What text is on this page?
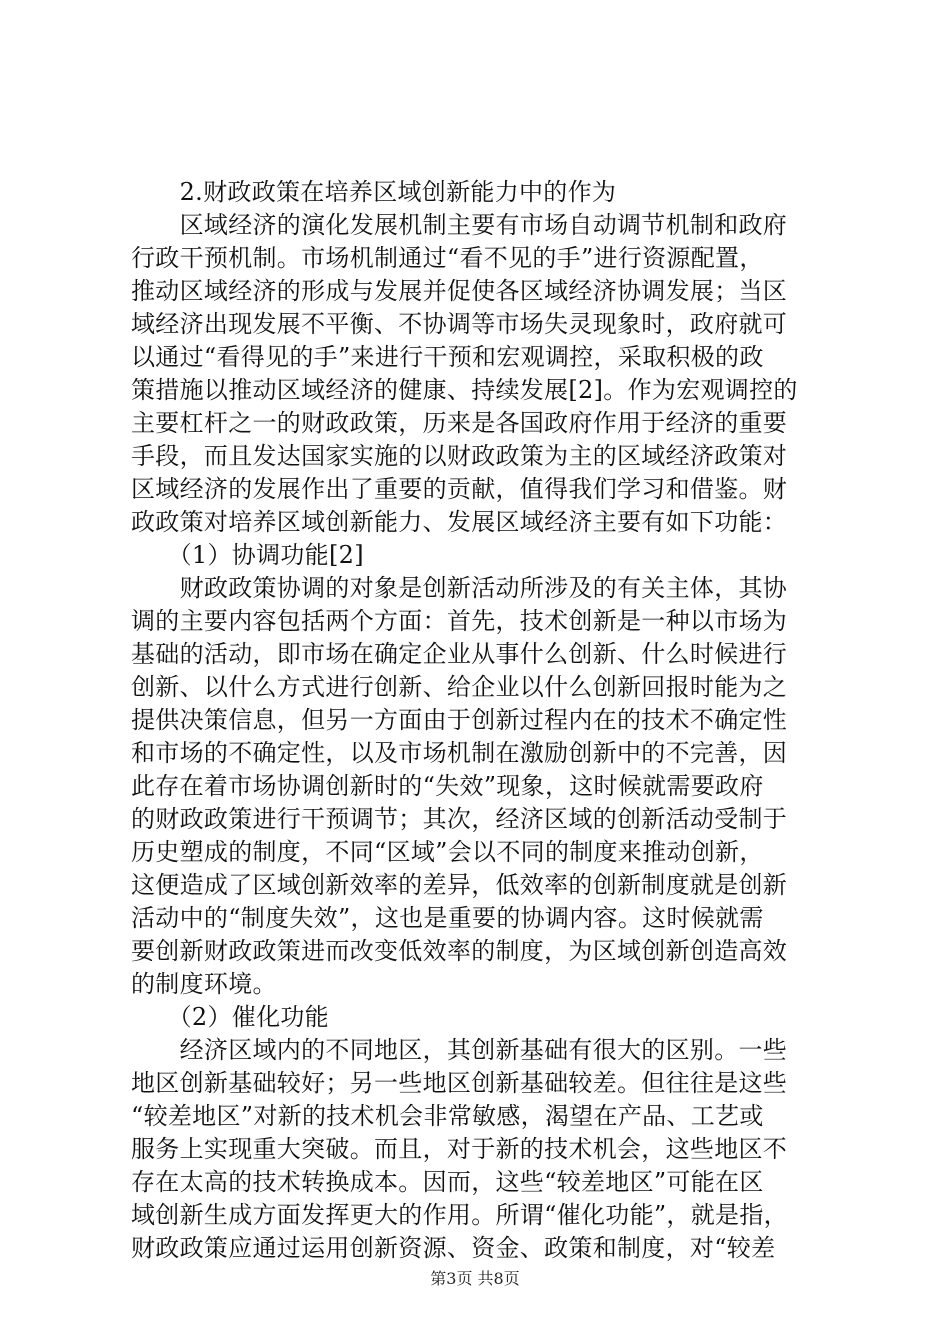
　　2.财政政策在培养区域创新能力中的作为
　　区域经济的演化发展机制主要有市场自动调节机制和政府
行政干预机制。市场机制通过“看不见的手”进行资源配置，
推动区域经济的形成与发展并促使各区域经济协调发展；当区
域经济出现发展不平衡、不协调等市场失灵现象时，政府就可
以通过“看得见的手”来进行干预和宏观调控，采取积极的政
策措施以推动区域经济的健康、持续发展[2]。作为宏观调控的
主要杠杆之一的财政政策，历来是各国政府作用于经济的重要
手段，而且发达国家实施的以财政政策为主的区域经济政策对
区域经济的发展作出了重要的贡献，值得我们学习和借鉴。财
政政策对培养区域创新能力、发展区域经济主要有如下功能：
　　（1）协调功能[2]
　　财政政策协调的对象是创新活动所涉及的有关主体，其协
调的主要内容包括两个方面：首先，技术创新是一种以市场为
基础的活动，即市场在确定企业从事什么创新、什么时候进行
创新、以什么方式进行创新、给企业以什么创新回报时能为之
提供决策信息，但另一方面由于创新过程内在的技术不确定性
和市场的不确定性，以及市场机制在激励创新中的不完善，因
此存在着市场协调创新时的“失效”现象，这时候就需要政府
的财政政策进行干预调节；其次，经济区域的创新活动受制于
历史塑成的制度，不同“区域”会以不同的制度来推动创新，
这便造成了区域创新效率的差异，低效率的创新制度就是创新
活动中的“制度失效”，这也是重要的协调内容。这时候就需
要创新财政政策进而改变低效率的制度，为区域创新创造高效
的制度环境。
　　（2）催化功能
　　经济区域内的不同地区，其创新基础有很大的区别。一些
地区创新基础较好；另一些地区创新基础较差。但往往是这些
“较差地区”对新的技术机会非常敏感，渴望在产品、工艺或
服务上实现重大突破。而且，对于新的技术机会，这些地区不
存在太高的技术转换成本。因而，这些“较差地区”可能在区
域创新生成方面发挥更大的作用。所谓“催化功能”，就是指，
财政政策应通过运用创新资源、资金、政策和制度，对“较差
第3页 共8页
